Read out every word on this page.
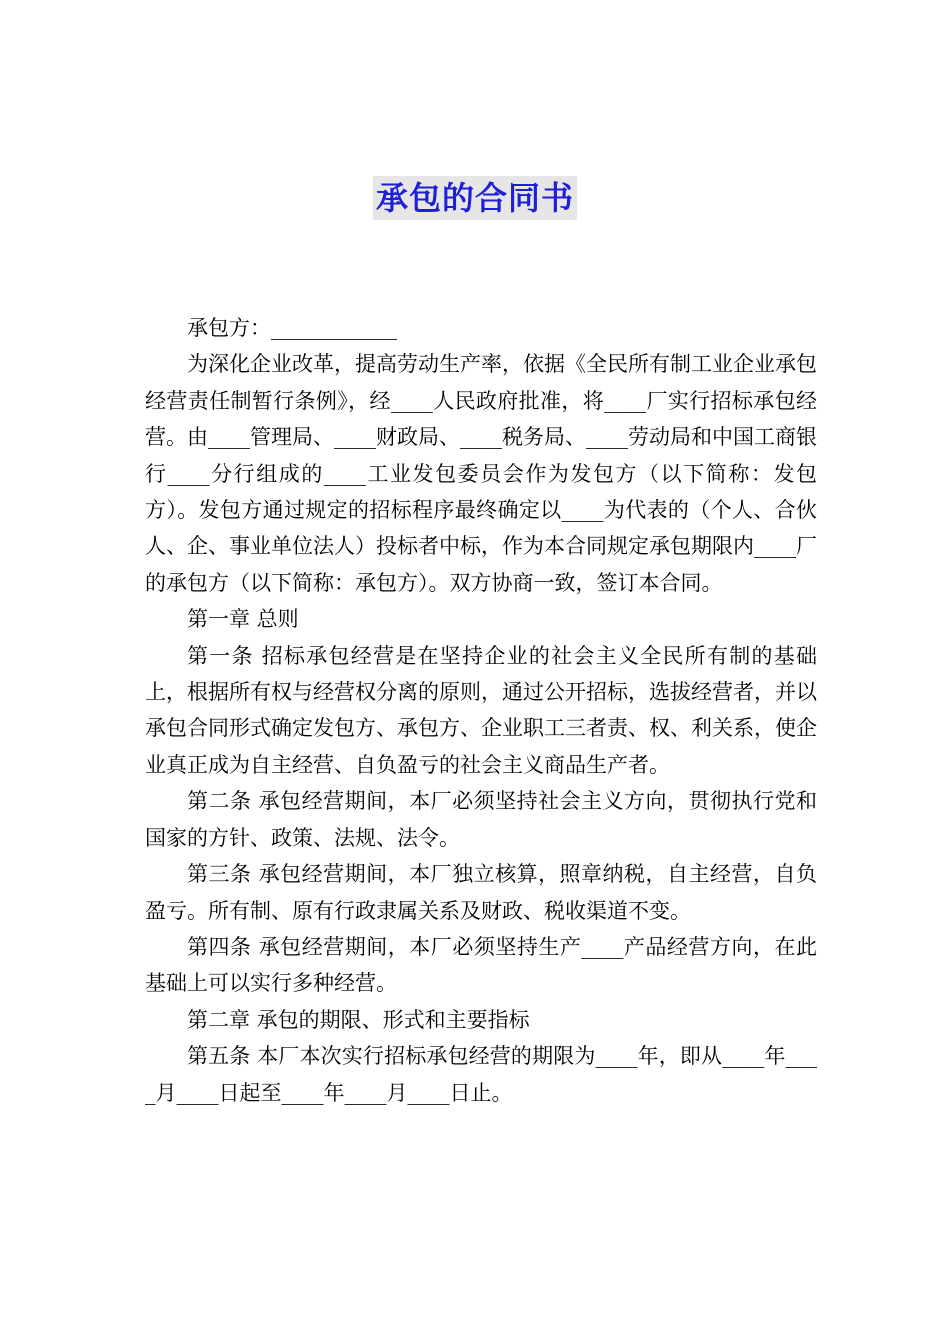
承包的合同书

承包方：____________

为深化企业改革，提高劳动生产率，依据《全民所有制工业企业承包经营责任制暂行条例》，经____人民政府批准，将____厂实行招标承包经营。由____管理局、____财政局、____税务局、____劳动局和中国工商银行____分行组成的____工业发包委员会作为发包方（以下简称：发包方）。发包方通过规定的招标程序最终确定以____为代表的（个人、合伙人、企、事业单位法人）投标者中标，作为本合同规定承包期限内____厂的承包方（以下简称：承包方）。双方协商一致，签订本合同。

第一章 总则

第一条 招标承包经营是在坚持企业的社会主义全民所有制的基础上，根据所有权与经营权分离的原则，通过公开招标，选拔经营者，并以承包合同形式确定发包方、承包方、企业职工三者责、权、利关系，使企业真正成为自主经营、自负盈亏的社会主义商品生产者。

第二条 承包经营期间，本厂必须坚持社会主义方向，贯彻执行党和国家的方针、政策、法规、法令。

第三条 承包经营期间，本厂独立核算，照章纳税，自主经营，自负盈亏。所有制、原有行政隶属关系及财政、税收渠道不变。

第四条 承包经营期间，本厂必须坚持生产____产品经营方向，在此基础上可以实行多种经营。

第二章 承包的期限、形式和主要指标

第五条 本厂本次实行招标承包经营的期限为____年，即从____年____月____日起至____年____月____日止。
